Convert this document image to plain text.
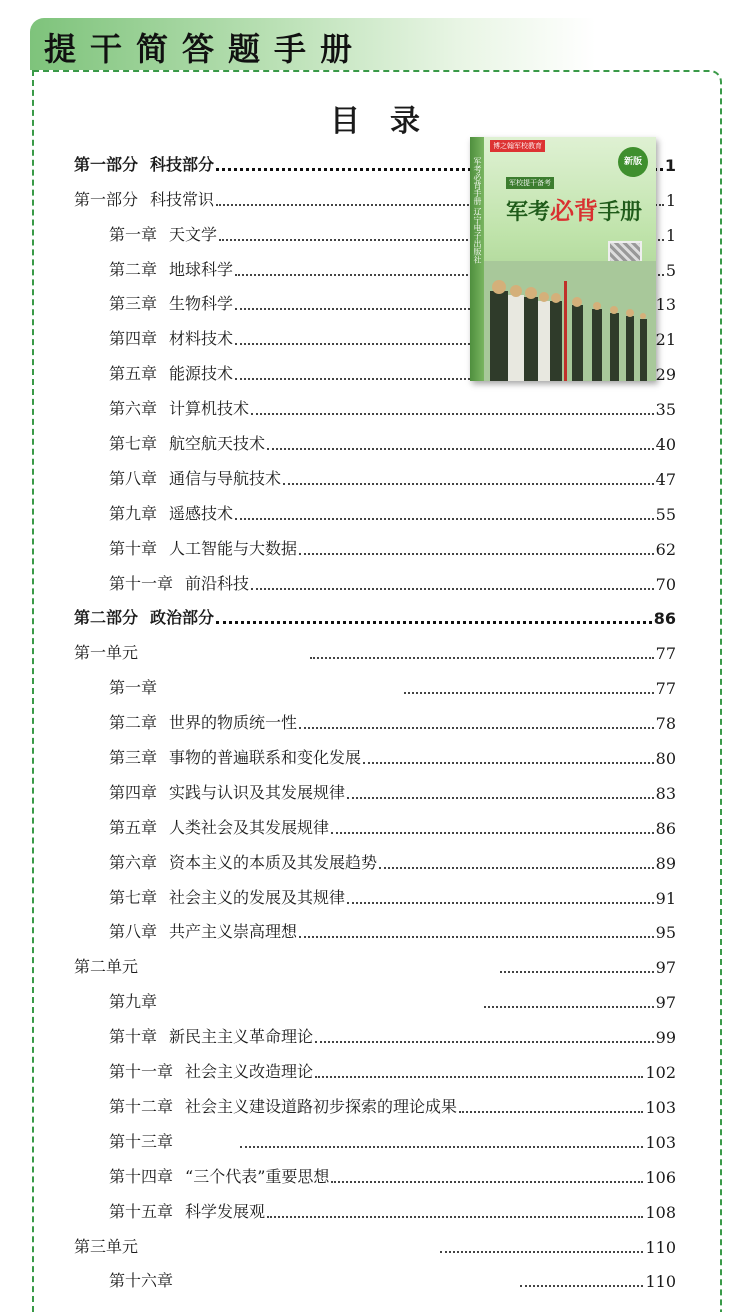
提干简答题手册
目录
第一部分 科技部分	1
第一部分 科技常识	1
第一章 天文学	1
第二章 地球科学	5
第三章 生物科学	13
第四章 材料技术	21
第五章 能源技术	29
第六章 计算机技术	35
第七章 航空航天技术	40
第八章 通信与导航技术	47
第九章 遥感技术	55
第十章 人工智能与大数据	62
第十一章 前沿科技	70
第二部分 政治部分	86
第一单元	77
第一章	77
第二章 世界的物质统一性	78
第三章 事物的普遍联系和变化发展	80
第四章 实践与认识及其发展规律	83
第五章 人类社会及其发展规律	86
第六章 资本主义的本质及其发展趋势	89
第七章 社会主义的发展及其规律	91
第八章 共产主义崇高理想	95
第二单元	97
第九章	97
第十章 新民主主义革命理论	99
第十一章 社会主义改造理论	102
第十二章 社会主义建设道路初步探索的理论成果	103
第十三章	103
第十四章 “三个代表”重要思想	106
第十五章 科学发展观	108
第三单元	110
第十六章	110
军考必背手册 辽宁电子出版社
博之翰军校教育
新版
军校提干备考
军考必背手册
